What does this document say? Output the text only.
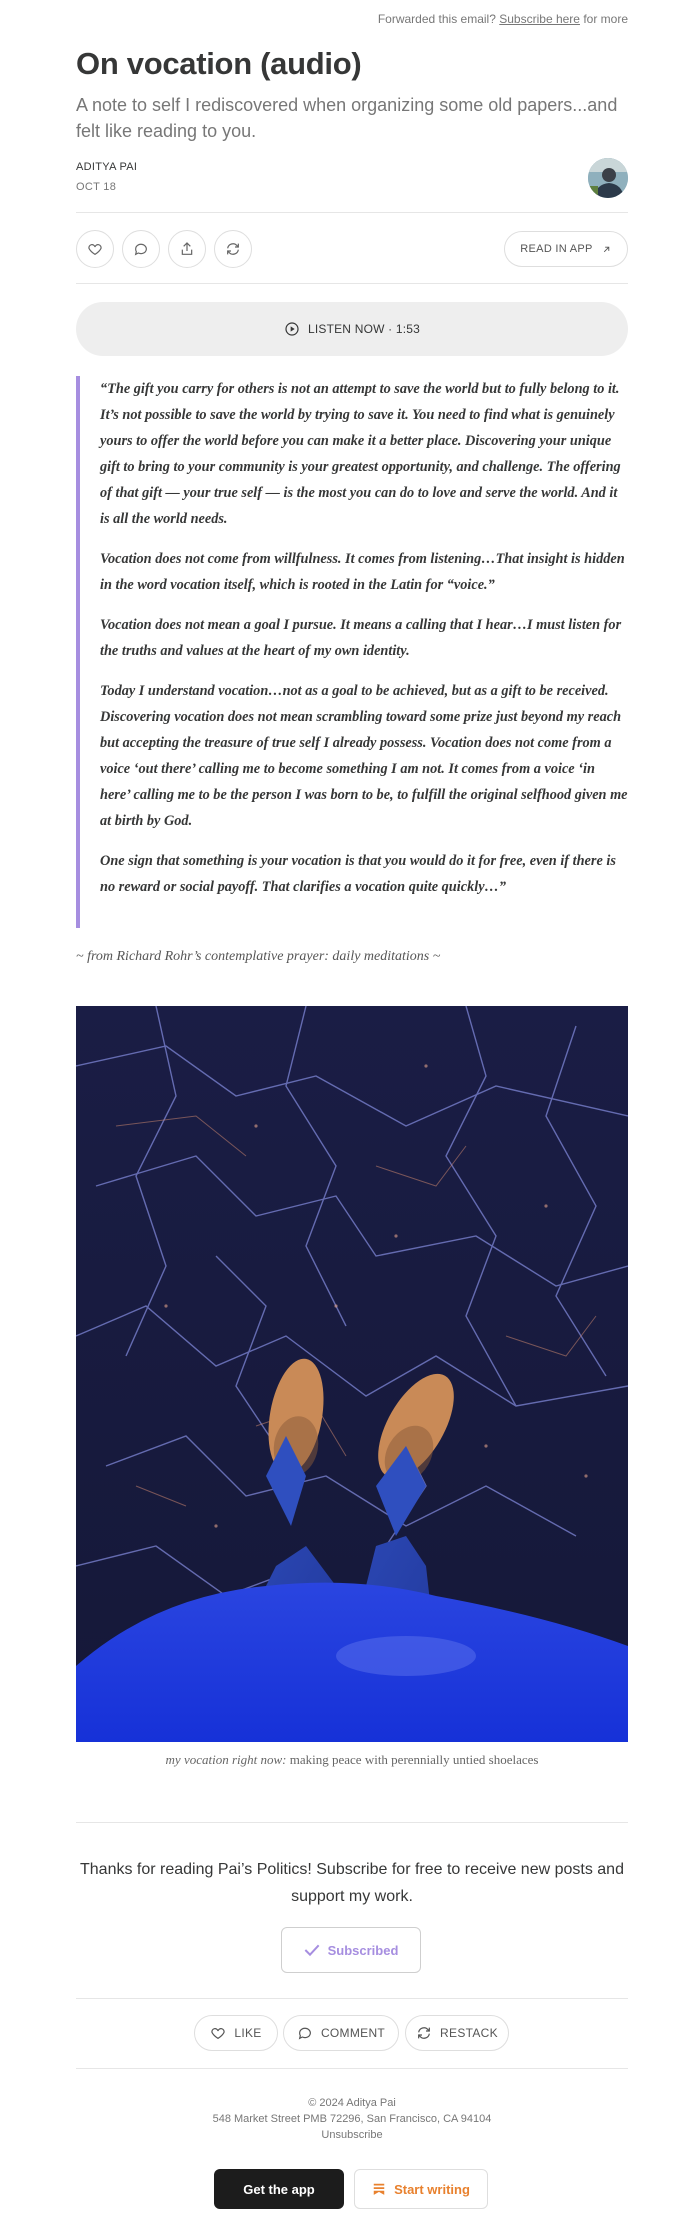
Forwarded this email? Subscribe here for more
On vocation (audio)
A note to self I rediscovered when organizing some old papers...and felt like reading to you.
ADITYA PAI
OCT 18
READ IN APP
LISTEN NOW · 1:53

“The gift you carry for others is not an attempt to save the world but to fully belong to it. It’s not possible to save the world by trying to save it. You need to find what is genuinely yours to offer the world before you can make it a better place. Discovering your unique gift to bring to your community is your greatest opportunity, and challenge. The offering of that gift — your true self — is the most you can do to love and serve the world. And it is all the world needs.

Vocation does not come from willfulness. It comes from listening…That insight is hidden in the word vocation itself, which is rooted in the Latin for “voice.”

Vocation does not mean a goal I pursue. It means a calling that I hear…I must listen for the truths and values at the heart of my own identity.

Today I understand vocation…not as a goal to be achieved, but as a gift to be received. Discovering vocation does not mean scrambling toward some prize just beyond my reach but accepting the treasure of true self I already possess. Vocation does not come from a voice ‘out there’ calling me to become something I am not. It comes from a voice ‘in here’ calling me to be the person I was born to be, to fulfill the original selfhood given me at birth by God.

One sign that something is your vocation is that you would do it for free, even if there is no reward or social payoff. That clarifies a vocation quite quickly…”

~ from Richard Rohr’s contemplative prayer: daily meditations ~
my vocation right now: making peace with perennially untied shoelaces
Thanks for reading Pai’s Politics! Subscribe for free to receive new posts and support my work.
Subscribed
LIKE	COMMENT	RESTACK
© 2024 Aditya Pai
548 Market Street PMB 72296, San Francisco, CA 94104
Unsubscribe
Get the app	Start writing
